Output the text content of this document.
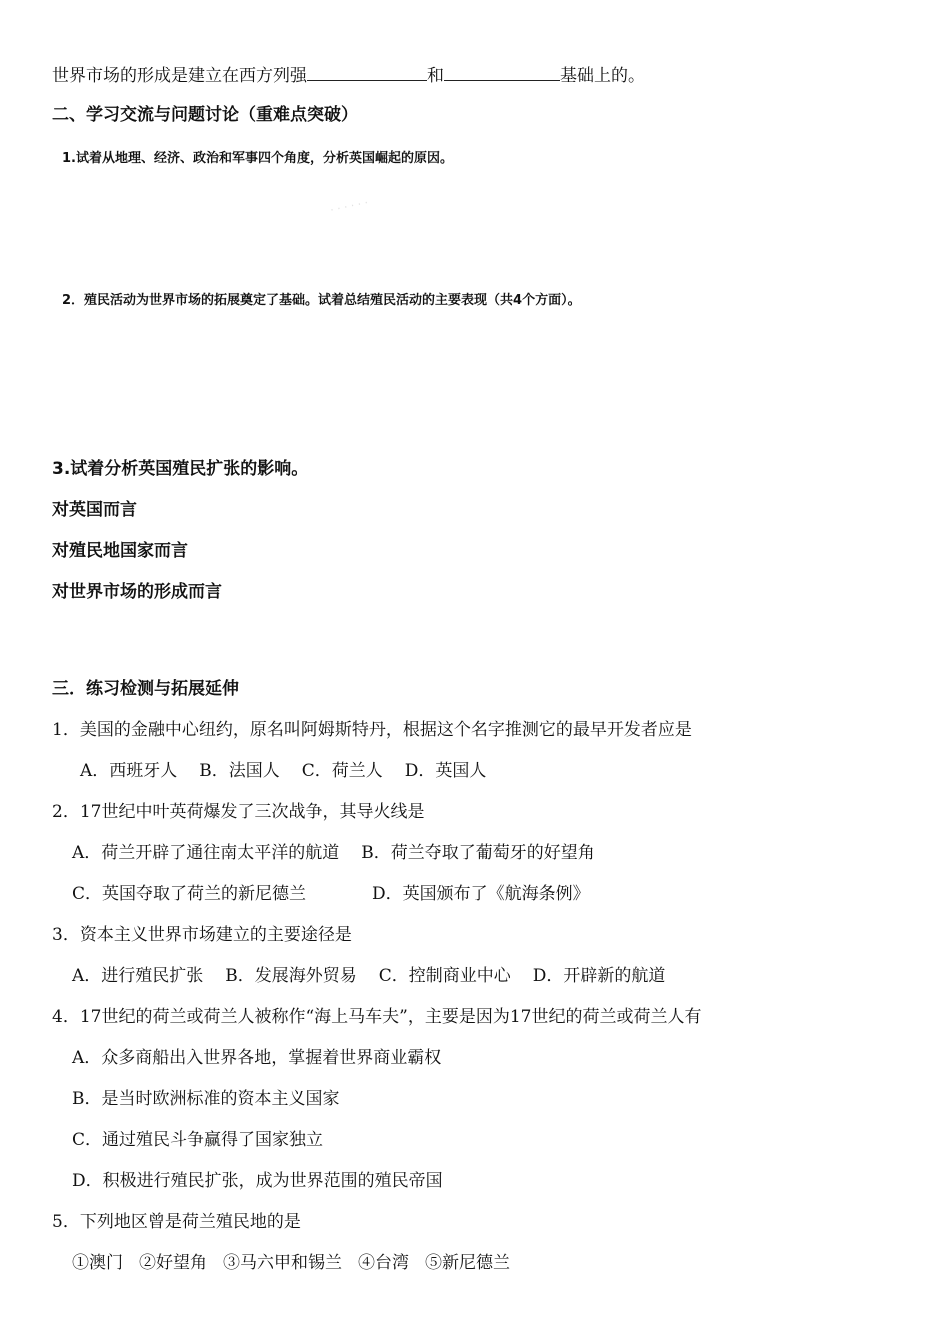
世界市场的形成是建立在西方列强	和	基础上的。
二、学习交流与问题讨论（重难点突破）
1.试着从地理、经济、政治和军事四个角度，分析英国崛起的原因。
· · · · · ·
2．殖民活动为世界市场的拓展奠定了基础。试着总结殖民活动的主要表现（共4个方面）。
3.试着分析英国殖民扩张的影响。
对英国而言
对殖民地国家而言
对世界市场的形成而言
三．练习检测与拓展延伸
1．美国的金融中心纽约，原名叫阿姆斯特丹，根据这个名字推测它的最早开发者应是
A．西班牙人 B．法国人 C．荷兰人 D．英国人
2．17世纪中叶英荷爆发了三次战争，其导火线是
A．荷兰开辟了通往南太平洋的航道 B．荷兰夺取了葡萄牙的好望角
C．英国夺取了荷兰的新尼德兰	D．英国颁布了《航海条例》
3．资本主义世界市场建立的主要途径是
A．进行殖民扩张 B．发展海外贸易 C．控制商业中心 D．开辟新的航道
4．17世纪的荷兰或荷兰人被称作“海上马车夫”，主要是因为17世纪的荷兰或荷兰人有
A．众多商船出入世界各地，掌握着世界商业霸权
B．是当时欧洲标准的资本主义国家
C．通过殖民斗争赢得了国家独立
D．积极进行殖民扩张，成为世界范围的殖民帝国
5．下列地区曾是荷兰殖民地的是
①澳门 ②好望角 ③马六甲和锡兰 ④台湾 ⑤新尼德兰
